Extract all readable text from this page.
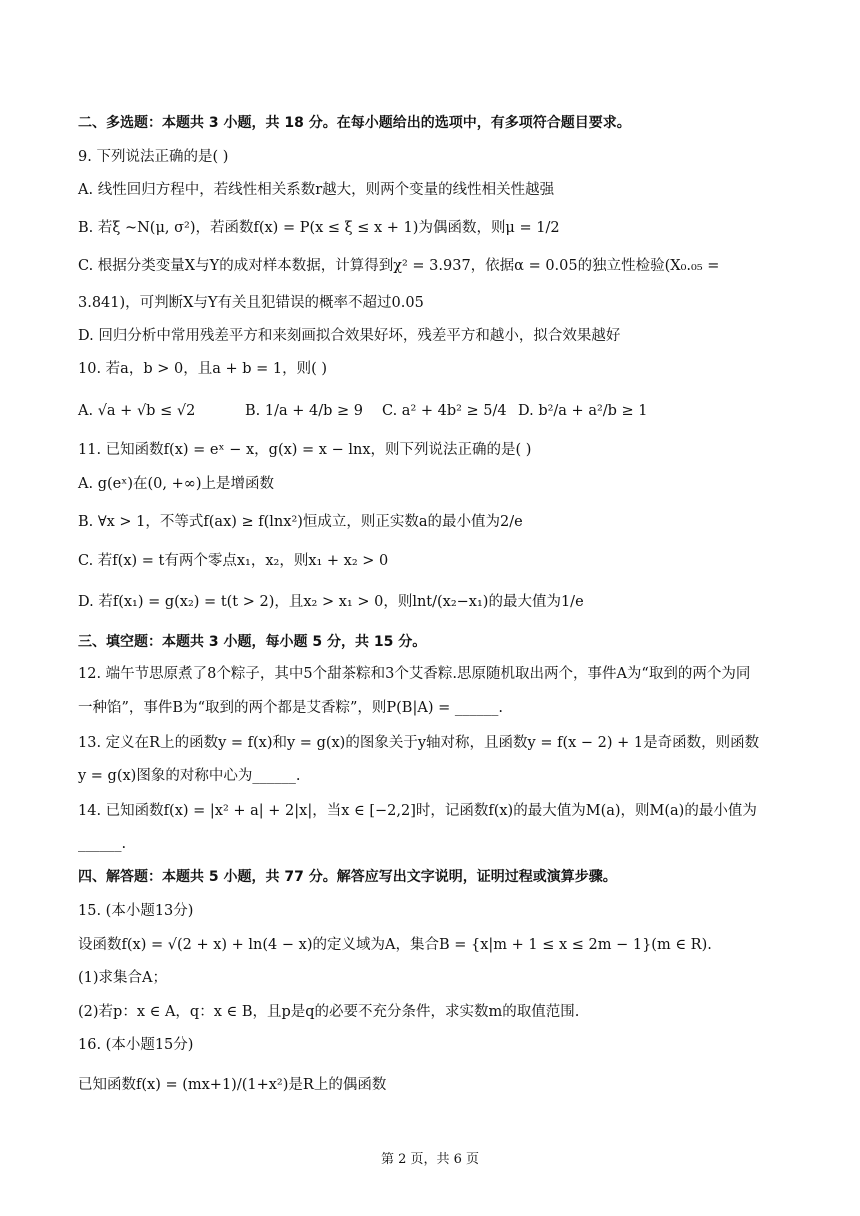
二、多选题：本题共 3 小题，共 18 分。在每小题给出的选项中，有多项符合题目要求。
9. 下列说法正确的是( )
A. 线性回归方程中，若线性相关系数r越大，则两个变量的线性相关性越强
B. 若ξ ~N(μ, σ²)，若函数f(x) = P(x ≤ ξ ≤ x + 1)为偶函数，则μ = 1/2
C. 根据分类变量X与Y的成对样本数据，计算得到χ² = 3.937，依据α = 0.05的独立性检验(X₀.₀₅ =
3.841)，可判断X与Y有关且犯错误的概率不超过0.05
D. 回归分析中常用残差平方和来刻画拟合效果好坏，残差平方和越小，拟合效果越好
10. 若a，b > 0，且a + b = 1，则( )
A. √a + √b ≤ √2	B. 1/a + 4/b ≥ 9 C. a² + 4b² ≥ 5/4 D. b²/a + a²/b ≥ 1
11. 已知函数f(x) = eˣ − x，g(x) = x − lnx，则下列说法正确的是( )
A. g(eˣ)在(0, +∞)上是增函数
B. ∀x > 1，不等式f(ax) ≥ f(lnx²)恒成立，则正实数a的最小值为2/e
C. 若f(x) = t有两个零点x₁，x₂，则x₁ + x₂ > 0
D. 若f(x₁) = g(x₂) = t(t > 2)，且x₂ > x₁ > 0，则lnt/(x₂−x₁)的最大值为1/e
三、填空题：本题共 3 小题，每小题 5 分，共 15 分。
12. 端午节思原煮了8个粽子，其中5个甜茶粽和3个艾香粽.思原随机取出两个，事件A为“取到的两个为同
一种馅”，事件B为“取到的两个都是艾香粽”，则P(B|A) = ______.
13. 定义在R上的函数y = f(x)和y = g(x)的图象关于y轴对称，且函数y = f(x − 2) + 1是奇函数，则函数
y = g(x)图象的对称中心为______.
14. 已知函数f(x) = |x² + a| + 2|x|，当x ∈ [−2,2]时，记函数f(x)的最大值为M(a)，则M(a)的最小值为
______.
四、解答题：本题共 5 小题，共 77 分。解答应写出文字说明，证明过程或演算步骤。
15. (本小题13分)
设函数f(x) = √(2 + x) + ln(4 − x)的定义域为A，集合B = {x|m + 1 ≤ x ≤ 2m − 1}(m ∈ R).
(1)求集合A；
(2)若p：x ∈ A，q：x ∈ B，且p是q的必要不充分条件，求实数m的取值范围.
16. (本小题15分)
已知函数f(x) = (mx+1)/(1+x²)是R上的偶函数
第 2 页，共 6 页
